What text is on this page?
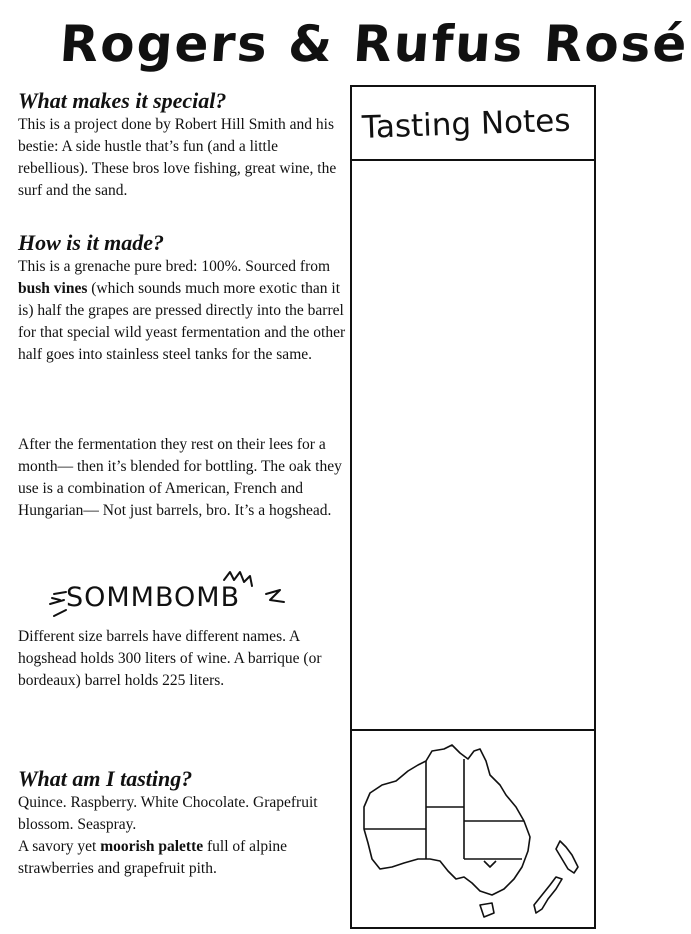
Rogers & Rufus Rosé
What makes it special?

This is a project done by Robert Hill Smith and his bestie: A side hustle that’s fun (and a little rebellious). These bros love fishing, great wine, the surf and the sand.

How is it made?

This is a grenache pure bred: 100%. Sourced from bush vines (which sounds much more exotic than it is) half the grapes are pressed directly into the barrel for that special wild yeast fermentation and the other half goes into stainless steel tanks for the same.

After the fermentation they rest on their lees for a month— then it’s blended for bottling. The oak they use is a combination of American, French and Hungarian— Not just barrels, bro. It’s a hogshead.

SOMMBOMB

Different size barrels have different names. A hogshead holds 300 liters of wine. A barrique (or bordeaux) barrel holds 225 liters.

What am I tasting?

Quince. Raspberry. White Chocolate. Grapefruit blossom. Seaspray.

A savory yet moorish palette full of alpine strawberries and grapefruit pith.

Tasting Notes
